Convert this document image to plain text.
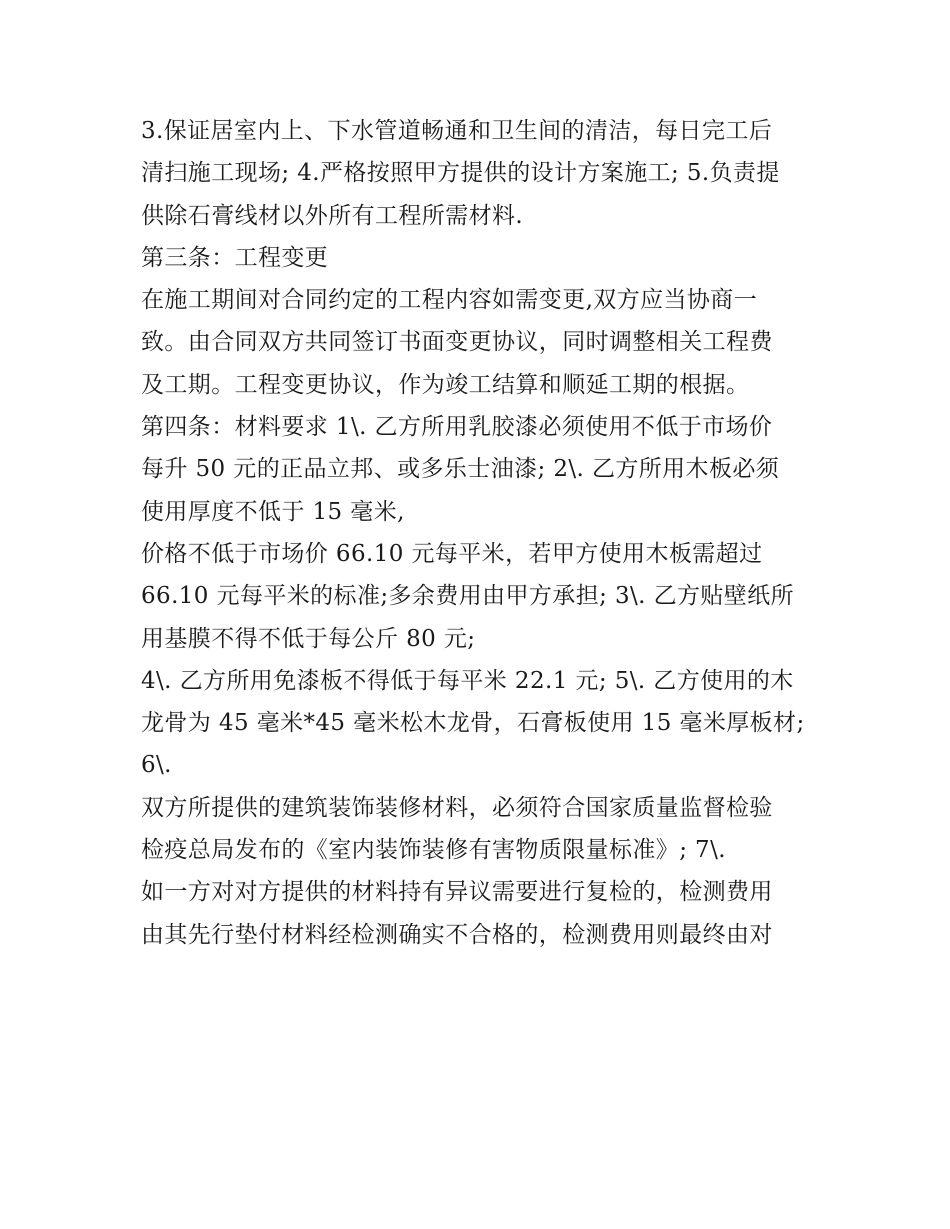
3.保证居室内上、下水管道畅通和卫生间的清洁，每日完工后
清扫施工现场; 4.严格按照甲方提供的设计方案施工; 5.负责提
供除石膏线材以外所有工程所需材料.
第三条：工程变更
在施工期间对合同约定的工程内容如需变更,双方应当协商一
致。由合同双方共同签订书面变更协议，同时调整相关工程费
及工期。工程变更协议，作为竣工结算和顺延工期的根据。
第四条：材料要求 1\. 乙方所用乳胶漆必须使用不低于市场价
每升 50 元的正品立邦、或多乐士油漆; 2\. 乙方所用木板必须
使用厚度不低于 15 毫米,
价格不低于市场价 66.10 元每平米，若甲方使用木板需超过
66.10 元每平米的标准;多余费用由甲方承担; 3\. 乙方贴壁纸所
用基膜不得不低于每公斤 80 元;
4\. 乙方所用免漆板不得低于每平米 22.1 元; 5\. 乙方使用的木
龙骨为 45 毫米*45 毫米松木龙骨，石膏板使用 15 毫米厚板材;
6\.
双方所提供的建筑装饰装修材料，必须符合国家质量监督检验
检疫总局发布的《室内装饰装修有害物质限量标准》; 7\.
如一方对对方提供的材料持有异议需要进行复检的，检测费用
由其先行垫付材料经检测确实不合格的，检测费用则最终由对
